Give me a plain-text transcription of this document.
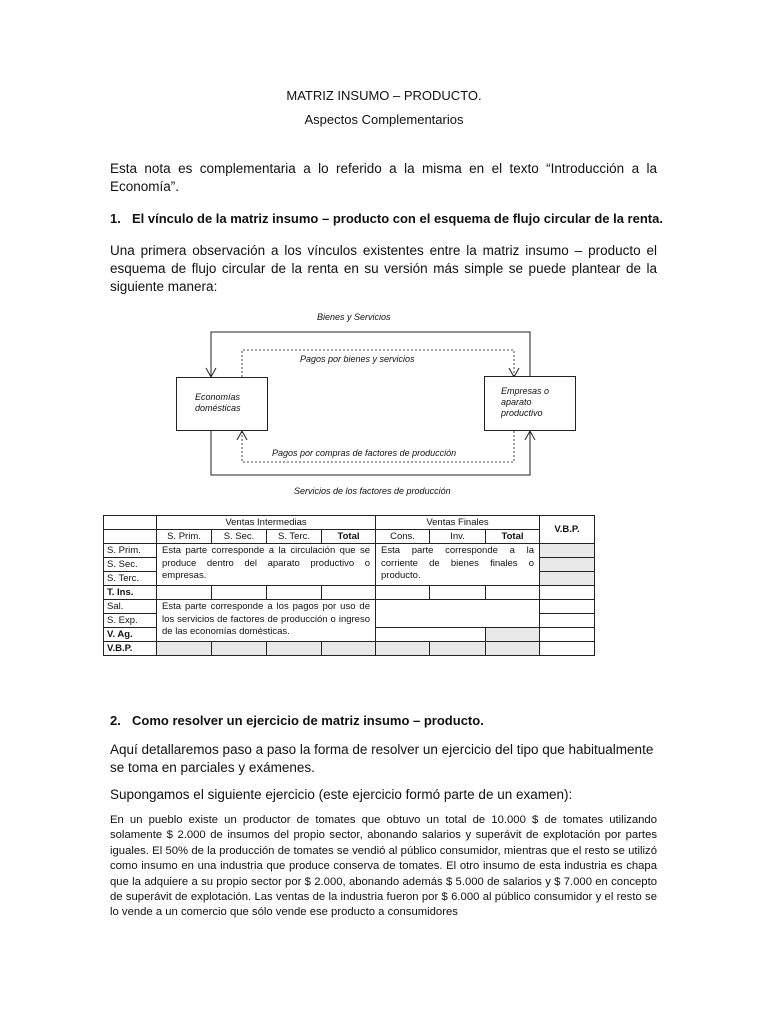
MATRIZ INSUMO – PRODUCTO.
Aspectos Complementarios
Esta nota es complementaria a lo referido a la misma en el texto “Introducción a la Economía”.
1. El vínculo de la matriz insumo – producto con el esquema de flujo circular de la renta.
Una primera observación a los vínculos existentes entre la matriz insumo – producto el esquema de flujo circular de la renta en su versión más simple se puede plantear de la siguiente manera:
Bienes y Servicios
Pagos por bienes y servicios
Pagos por compras de factores de producción
Servicios de los factores de producción
Economías domésticas
Empresas o aparato productivo
	Ventas Intermedias				Ventas Finales			V.B.P.
	S. Prim.	S. Sec.	S. Terc.	Total	Cons.	Inv.	Total	
S. Prim.	Esta parte corresponde a la circulación que se produce dentro del aparato productivo o empresas.				Esta parte corresponde a la corriente de bienes finales o producto.			
S. Sec.								
S. Terc.								
T. Ins.								
Sal.	Esta parte corresponde a los pagos por uso de los servicios de factores de producción o ingreso de las economías domésticas.							
S. Exp.								
V. Ag.								
V.B.P.								
2. Como resolver un ejercicio de matriz insumo – producto.
Aquí detallaremos paso a paso la forma de resolver un ejercicio del tipo que habitualmente se toma en parciales y exámenes.
Supongamos el siguiente ejercicio (este ejercicio formó parte de un examen):
En un pueblo existe un productor de tomates que obtuvo un total de 10.000 $ de tomates utilizando solamente $ 2.000 de insumos del propio sector, abonando salarios y superávit de explotación por partes iguales. El 50% de la producción de tomates se vendió al público consumidor, mientras que el resto se utilizó como insumo en una industria que produce conserva de tomates. El otro insumo de esta industria es chapa que la adquiere a su propio sector por $ 2.000, abonando además $ 5.000 de salarios y $ 7.000 en concepto de superávit de explotación. Las ventas de la industria fueron por $ 6.000 al público consumidor y el resto se lo vende a un comercio que sólo vende ese producto a consumidores
